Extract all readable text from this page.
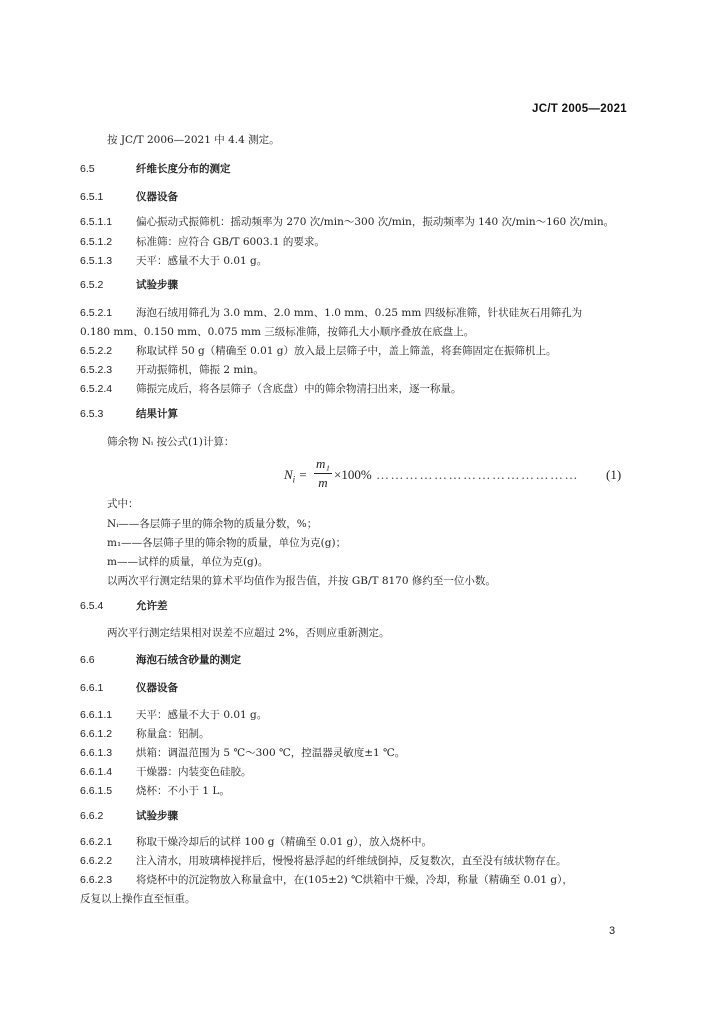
JC/T 2005—2021
按 JC/T 2006—2021 中 4.4 测定。
6.5	纤维长度分布的测定
6.5.1	仪器设备
6.5.1.1 偏心振动式振筛机：摇动频率为 270 次/min～300 次/min，振动频率为 140 次/min～160 次/min。
6.5.1.2 标准筛：应符合 GB/T 6003.1 的要求。
6.5.1.3 天平：感量不大于 0.01 g。
6.5.2	试验步骤
6.5.2.1 海泡石绒用筛孔为 3.0 mm、2.0 mm、1.0 mm、0.25 mm 四级标准筛，针状硅灰石用筛孔为
0.180 mm、0.150 mm、0.075 mm 三级标准筛，按筛孔大小顺序叠放在底盘上。
6.5.2.2 称取试样 50 g（精确至 0.01 g）放入最上层筛子中，盖上筛盖，将套筛固定在振筛机上。
6.5.2.3 开动振筛机，筛振 2 min。
6.5.2.4 筛振完成后，将各层筛子（含底盘）中的筛余物清扫出来，逐一称量。
6.5.3	结果计算
筛余物 Nᵢ 按公式(1)计算：
式中：
Nᵢ——各层筛子里的筛余物的质量分数，%；
m₁——各层筛子里的筛余物的质量，单位为克(g)；
m——试样的质量，单位为克(g)。
以两次平行测定结果的算术平均值作为报告值，并按 GB/T 8170 修约至一位小数。
6.5.4	允许差
两次平行测定结果相对误差不应超过 2%，否则应重新测定。
6.6	海泡石绒含砂量的测定
6.6.1	仪器设备
6.6.1.1 天平：感量不大于 0.01 g。
6.6.1.2 称量盒：铝制。
6.6.1.3 烘箱：调温范围为 5 ℃～300 ℃，控温器灵敏度±1 ℃。
6.6.1.4 干燥器：内装变色硅胶。
6.6.1.5 烧杯：不小于 1 L。
6.6.2	试验步骤
6.6.2.1 称取干燥冷却后的试样 100 g（精确至 0.01 g），放入烧杯中。
6.6.2.2 注入清水，用玻璃棒搅拌后，慢慢将悬浮起的纤维绒倒掉，反复数次，直至没有绒状物存在。
6.6.2.3 将烧杯中的沉淀物放入称量盒中，在(105±2) ℃烘箱中干燥，冷却，称量（精确至 0.01 g），
反复以上操作直至恒重。
$N_i = \frac{\text{m₁}}{m} \times 100\%$ …………………………………… (1)
3
